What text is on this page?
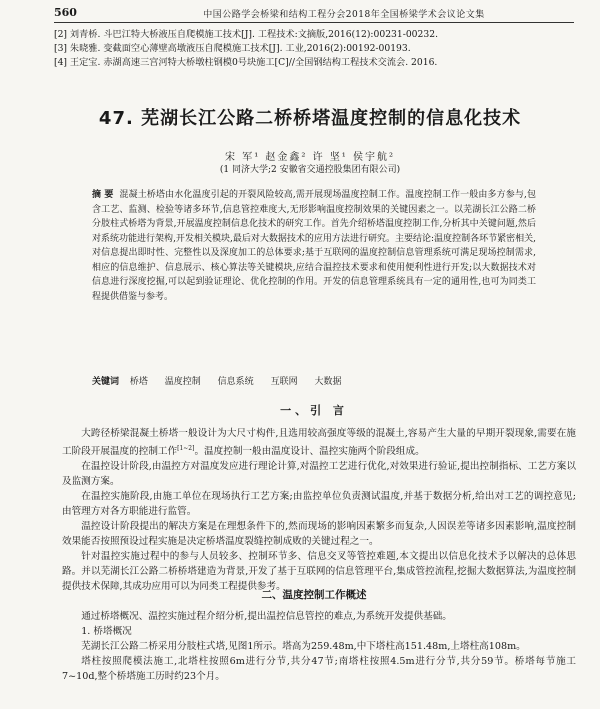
560	中国公路学会桥梁和结构工程分会2018年全国桥梁学术会议论文集
[2] 刘青桥. 斗巴江特大桥液压自爬模施工技术[J]. 工程技术:文摘版,2016(12):00231-00232.
[3] 朱晓雅. 变截面空心薄壁高墩液压自爬模施工技术[J]. 工业,2016(2):00192-00193.
[4] 王定宝. 赤湖高速三宫河特大桥墩柱钢模0号块施工[C]//全国钢结构工程技术交流会. 2016.
47. 芜湖长江公路二桥桥塔温度控制的信息化技术
宋 军¹ 赵金鑫² 许 坚¹ 侯宇航²
(1 同济大学;2 安徽省交通控股集团有限公司)
摘 要 混凝土桥塔由水化温度引起的开裂风险较高,需开展现场温度控制工作。温度控制工作一般由多方参与,包含工艺、监测、检验等诸多环节,信息管控难度大,无形影响温度控制效果的关键因素之一。以芜湖长江公路二桥分肢柱式桥塔为背景,开展温度控制信息化技术的研究工作。首先介绍桥塔温度控制工作,分析其中关键问题,然后对系统功能进行架构,开发相关模块,最后对大数据技术的应用方法进行研究。主要结论:温度控制各环节紧密相关,对信息提出即时性、完整性以及深度加工的总体要求;基于互联网的温度控制信息管理系统可满足现场控制需求,相应的信息维护、信息展示、核心算法等关键模块,应结合温控技术要求和使用便利性进行开发;以大数据技术对信息进行深度挖掘,可以起到验证理论、优化控制的作用。开发的信息管理系统具有一定的通用性,也可为同类工程提供借鉴与参考。
关键词 桥塔 温度控制 信息系统 互联网 大数据
一、引 言

大跨径桥梁混凝土桥塔一般设计为大尺寸构件,且选用较高强度等级的混凝土,容易产生大量的早期开裂现象,需要在施工阶段开展温度的控制工作[1~2]。温度控制一般由温度设计、温控实施两个阶段组成。

在温控设计阶段,由温控方对温度发应进行理论计算,对温控工艺进行优化,对效果进行验证,提出控制指标、工艺方案以及监测方案。

在温控实施阶段,由施工单位在现场执行工艺方案;由监控单位负责测试温度,并基于数据分析,给出对工艺的调控意见;由管理方对各方职能进行监管。

温控设计阶段提出的解决方案是在理想条件下的,然而现场的影响因素繁多而复杂,人因误差等诸多因素影响,温度控制效果能否按照预设过程实施是决定桥塔温度裂缝控制成败的关键过程之一。

针对温控实施过程中的参与人员较多、控制环节多、信息交叉等管控难题,本文提出以信息化技术予以解决的总体思路。并以芜湖长江公路二桥桥塔建造为背景,开发了基于互联网的信息管理平台,集成管控流程,挖掘大数据算法,为温度控制提供技术保障,其成功应用可以为同类工程提供参考。

二、温度控制工作概述

通过桥塔概况、温控实施过程介绍分析,提出温控信息管控的难点,为系统开发提供基础。

1. 桥塔概况

芜湖长江公路二桥采用分肢柱式塔,见图1所示。塔高为259.48m,中下塔柱高151.48m,上塔柱高108m。

塔柱按照爬模法施工,北塔柱按照6m进行分节,共分47节;南塔柱按照4.5m进行分节,共分59节。桥塔每节施工7~10d,整个桥塔施工历时约23个月。
